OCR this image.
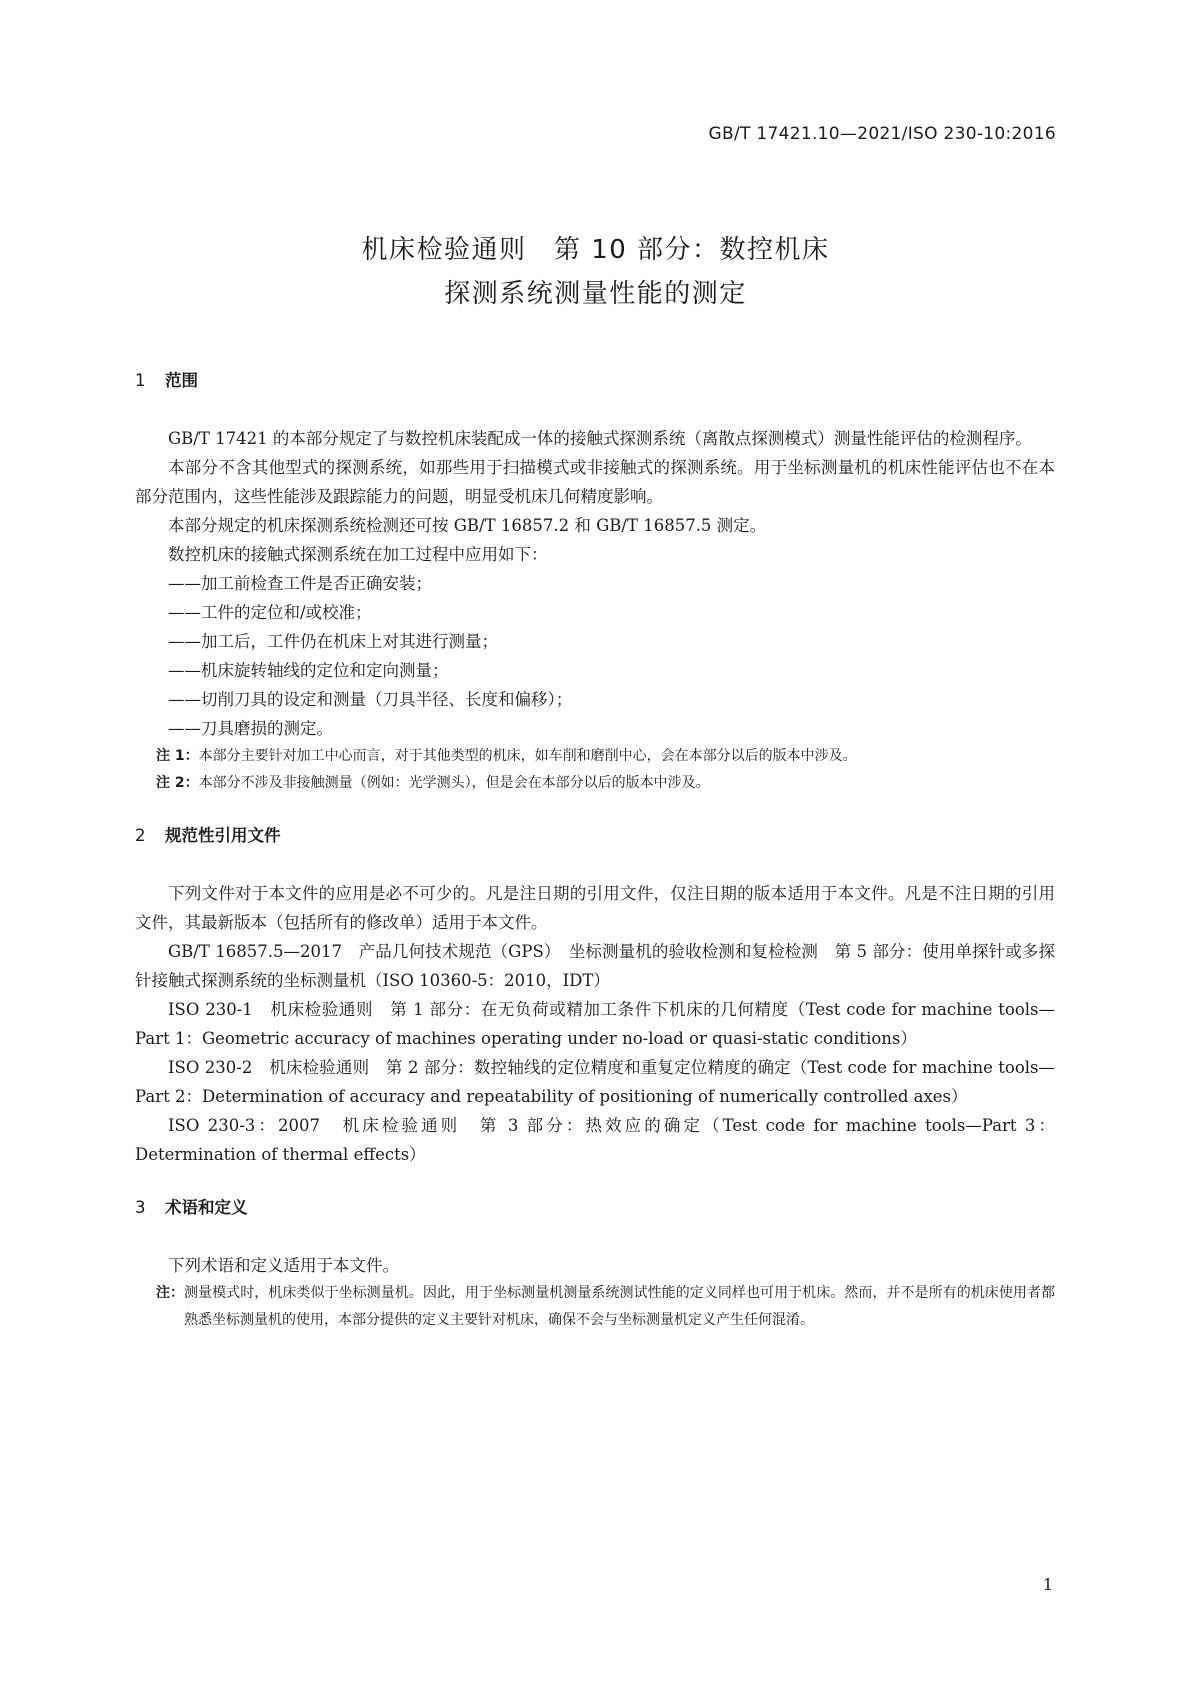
GB/T 17421.10—2021/ISO 230-10:2016
机床检验通则　第 10 部分：数控机床
探测系统测量性能的测定
1 范围

GB/T 17421 的本部分规定了与数控机床装配成一体的接触式探测系统（离散点探测模式）测量性能评估的检测程序。

本部分不含其他型式的探测系统，如那些用于扫描模式或非接触式的探测系统。用于坐标测量机的机床性能评估也不在本部分范围内，这些性能涉及跟踪能力的问题，明显受机床几何精度影响。

本部分规定的机床探测系统检测还可按 GB/T 16857.2 和 GB/T 16857.5 测定。

数控机床的接触式探测系统在加工过程中应用如下：

——加工前检查工件是否正确安装；

——工件的定位和/或校准；

——加工后，工件仍在机床上对其进行测量；

——机床旋转轴线的定位和定向测量；

——切削刀具的设定和测量（刀具半径、长度和偏移）；

——刀具磨损的测定。

注 1：本部分主要针对加工中心而言，对于其他类型的机床，如车削和磨削中心，会在本部分以后的版本中涉及。

注 2：本部分不涉及非接触测量（例如：光学测头），但是会在本部分以后的版本中涉及。

2 规范性引用文件

下列文件对于本文件的应用是必不可少的。凡是注日期的引用文件，仅注日期的版本适用于本文件。凡是不注日期的引用文件，其最新版本（包括所有的修改单）适用于本文件。

GB/T 16857.5—2017　产品几何技术规范（GPS）　坐标测量机的验收检测和复检检测　第 5 部分：使用单探针或多探针接触式探测系统的坐标测量机（ISO 10360-5：2010，IDT）

ISO 230-1　机床检验通则　第 1 部分：在无负荷或精加工条件下机床的几何精度（Test code for machine tools—Part 1：Geometric accuracy of machines operating under no-load or quasi-static conditions）

ISO 230-2　机床检验通则　第 2 部分：数控轴线的定位精度和重复定位精度的确定（Test code for machine tools—Part 2：Determination of accuracy and repeatability of positioning of numerically controlled axes）

ISO 230-3：2007　机床检验通则　第 3 部分：热效应的确定（Test code for machine tools—Part 3：Determination of thermal effects）

3 术语和定义

下列术语和定义适用于本文件。

注： 测量模式时，机床类似于坐标测量机。因此，用于坐标测量机测量系统测试性能的定义同样也可用于机床。然而，并不是所有的机床使用者都熟悉坐标测量机的使用，本部分提供的定义主要针对机床，确保不会与坐标测量机定义产生任何混淆。
1
